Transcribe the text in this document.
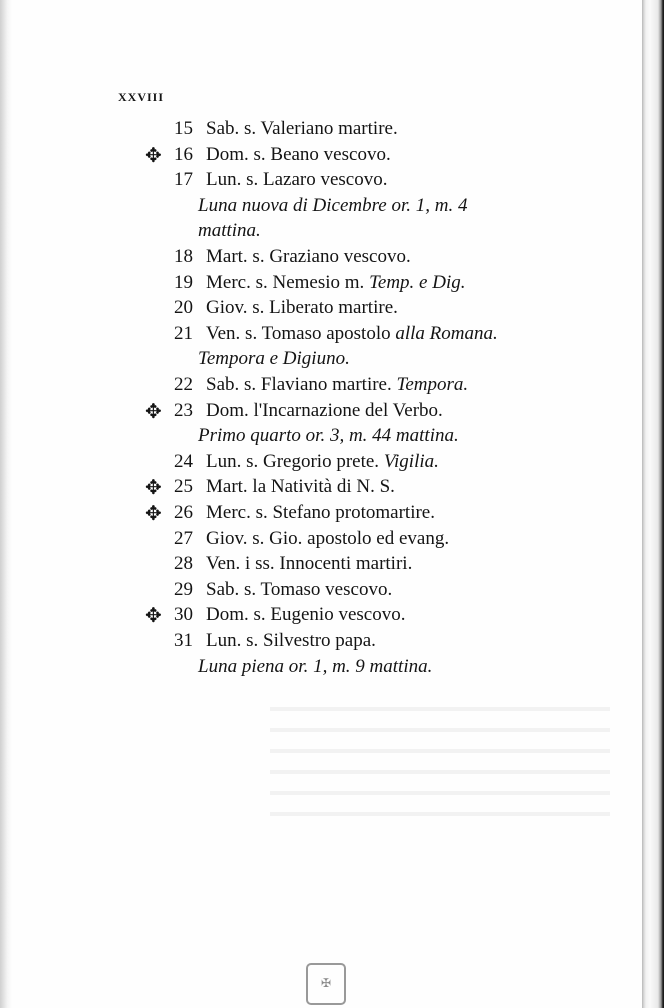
XXVIII
15 Sab. s. Valeriano martire.
16 Dom. s. Beano vescovo.
17 Lun. s. Lazaro vescovo.
Luna nuova di Dicembre or. 1, m. 4
mattina.
18 Mart. s. Graziano vescovo.
19 Merc. s. Nemesio m. Temp. e Dig.
20 Giov. s. Liberato martire.
21 Ven. s. Tomaso apostolo alla Romana.
Tempora e Digiuno.
22 Sab. s. Flaviano martire. Tempora.
23 Dom. l'Incarnazione del Verbo.
Primo quarto or. 3, m. 44 mattina.
24 Lun. s. Gregorio prete. Vigilia.
25 Mart. la Natività di N. S.
26 Merc. s. Stefano protomartire.
27 Giov. s. Gio. apostolo ed evang.
28 Ven. i ss. Innocenti martiri.
29 Sab. s. Tomaso vescovo.
30 Dom. s. Eugenio vescovo.
31 Lun. s. Silvestro papa.
Luna piena or. 1, m. 9 mattina.
✠
✥
✥
✥
✥
✥
